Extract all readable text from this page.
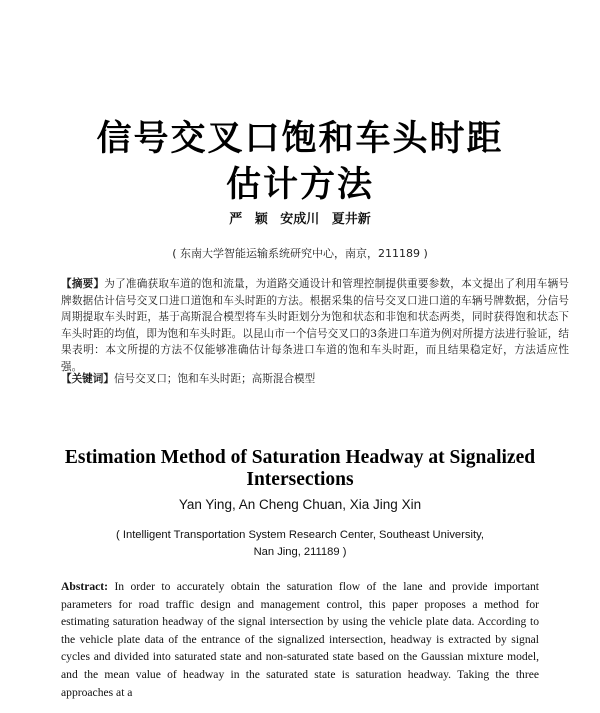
信号交叉口饱和车头时距
估计方法
严 颖 安成川 夏井新
( 东南大学智能运输系统研究中心，南京，211189 )
【摘要】为了准确获取车道的饱和流量，为道路交通设计和管理控制提供重要参数，本文提出了利用车辆号牌数据估计信号交叉口进口道饱和车头时距的方法。根据采集的信号交叉口进口道的车辆号牌数据，分信号周期提取车头时距，基于高斯混合模型将车头时距划分为饱和状态和非饱和状态两类，同时获得饱和状态下车头时距的均值，即为饱和车头时距。以昆山市一个信号交叉口的3条进口车道为例对所提方法进行验证，结果表明：本文所提的方法不仅能够准确估计每条进口车道的饱和车头时距，而且结果稳定好，方法适应性强。
【关键词】信号交叉口；饱和车头时距；高斯混合模型
Estimation Method of Saturation Headway at Signalized Intersections
Yan Ying, An Cheng Chuan, Xia Jing Xin
( Intelligent Transportation System Research Center, Southeast University, Nan Jing, 211189 )
Abstract: In order to accurately obtain the saturation flow of the lane and provide important parameters for road traffic design and management control, this paper proposes a method for estimating saturation headway of the signal intersection by using the vehicle plate data. According to the vehicle plate data of the entrance of the signalized intersection, headway is extracted by signal cycles and divided into saturated state and non-saturated state based on the Gaussian mixture model, and the mean value of headway in the saturated state is saturation headway. Taking the three approaches at a
